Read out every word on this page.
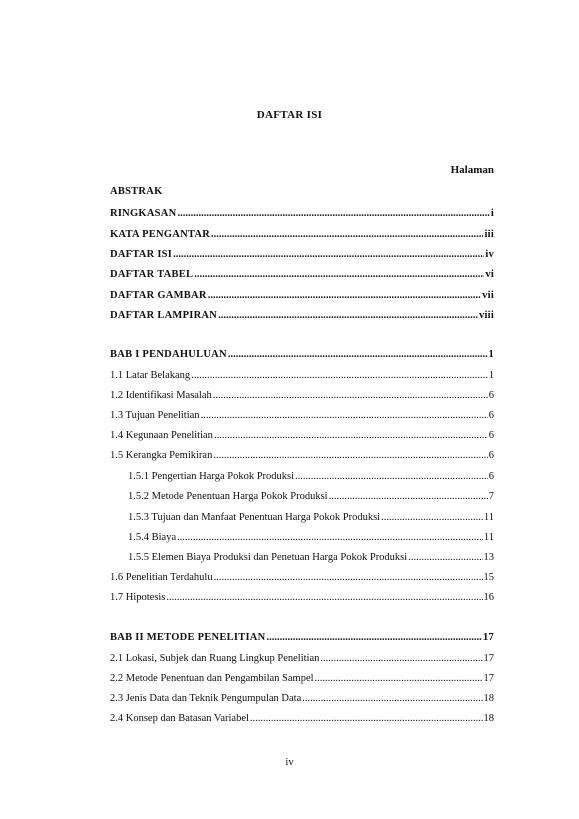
DAFTAR ISI
Halaman
ABSTRAK
RINGKASAN .....	i
KATA PENGANTAR .....	iii
DAFTAR ISI .....	iv
DAFTAR TABEL .....	vi
DAFTAR GAMBAR .....	vii
DAFTAR LAMPIRAN .....	viii
BAB I PENDAHULUAN .....	1
1.1 Latar Belakang .....	1
1.2 Identifikasi Masalah .....	6
1.3 Tujuan Penelitian .....	6
1.4 Kegunaan Penelitian .....	6
1.5 Kerangka Pemikiran .....	6
1.5.1 Pengertian Harga Pokok Produksi .....	6
1.5.2 Metode Penentuan Harga Pokok Produksi .....	7
1.5.3 Tujuan dan Manfaat Penentuan Harga Pokok Produksi .....	11
1.5.4 Biaya .....	11
1.5.5 Elemen Biaya Produksi dan Penetuan Harga Pokok Produksi .....	13
1.6 Penelitian Terdahulu .....	15
1.7 Hipotesis .....	16
BAB II METODE PENELITIAN .....	17
2.1 Lokasi, Subjek dan Ruang Lingkup Penelitian .....	17
2.2 Metode Penentuan dan Pengambilan Sampel .....	17
2.3 Jenis Data dan Teknik Pengumpulan Data .....	18
2.4 Konsep dan Batasan Variabel .....	18
iv
